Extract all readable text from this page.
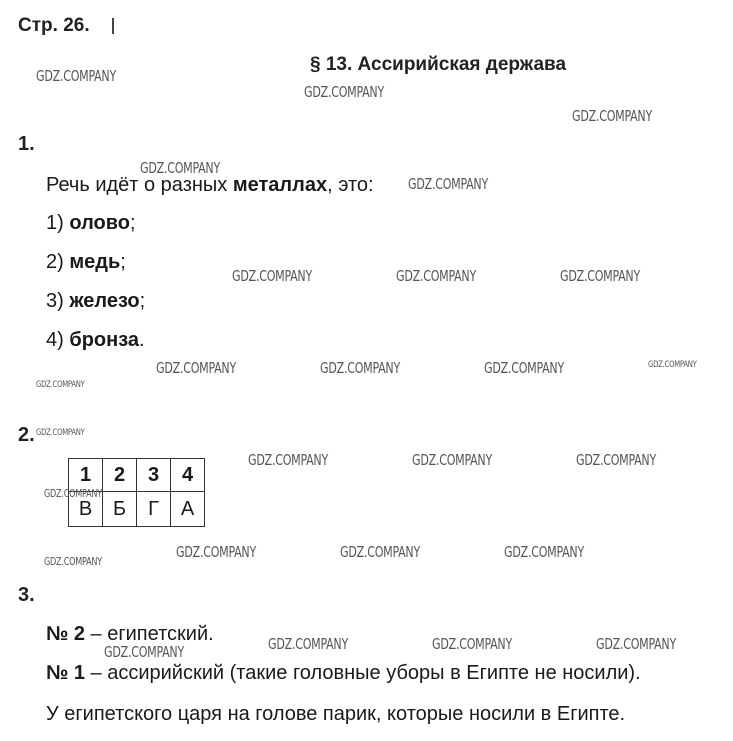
Стр. 26.
§ 13. Ассирийская держава
1.
Речь идёт о разных металлах, это:
1) олово;
2) медь;
3) железо;
4) бронза.
2.
1	2	3	4
В	Б	Г	А
3.
№ 2 – египетский.
№ 1 – ассирийский (такие головные уборы в Египте не носили).
У египетского царя на голове парик, которые носили в Египте.
GDZ.COMPANY
GDZ.COMPANY
GDZ.COMPANY
GDZ.COMPANY
GDZ.COMPANY
GDZ.COMPANY	GDZ.COMPANY	GDZ.COMPANY
GDZ.COMPANY	GDZ.COMPANY	GDZ.COMPANY	GDZ.COMPANY
GDZ.COMPANY
GDZ.COMPANY
GDZ.COMPANY	GDZ.COMPANY	GDZ.COMPANY
GDZ.COMPANY
GDZ.COMPANY	GDZ.COMPANY	GDZ.COMPANY
GDZ.COMPANY
GDZ.COMPANY	GDZ.COMPANY	GDZ.COMPANY
GDZ.COMPANY
